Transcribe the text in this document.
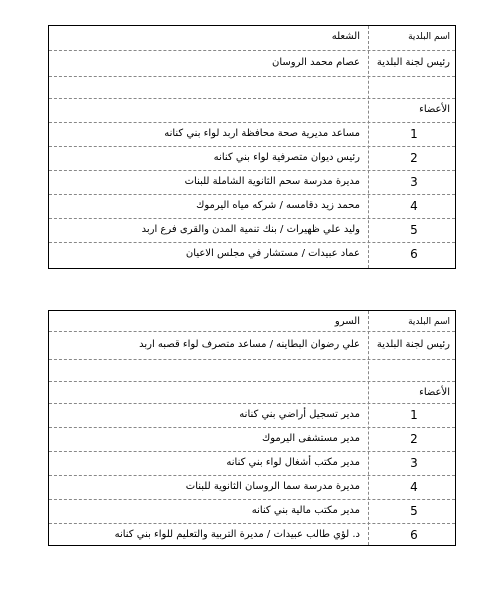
اسم البلدية
الشعله
رئيس لجنة البلدية
عصام محمد الروسان
الأعضاء
1
مساعد مديرية صحة محافظة اربد لواء بني كنانه
2
رئيس ديوان متصرفية لواء بني كنانه
3
مديرة مدرسة سحم الثانوية الشاملة للبنات
4
محمد زيد دقامسه / شركه مياه اليرموك
5
وليد علي ظهيرات / بنك تنمية المدن والقرى فرع اربد
6
عماد عبيدات / مستشار في مجلس الاعيان
اسم البلدية
السرو
رئيس لجنة البلدية
علي رضوان البطاينه / مساعد متصرف لواء قصبه اربد
الأعضاء
1
مدير تسجيل أراضي بني كنانه
2
مدير مستشفى اليرموك
3
مدير مكتب أشغال لواء بني كنانه
4
مديرة مدرسة سما الروسان الثانوية للبنات
5
مدير مكتب مالية بني كنانه
6
د. لؤي طالب عبيدات / مديرة التربية والتعليم للواء بني كنانه
